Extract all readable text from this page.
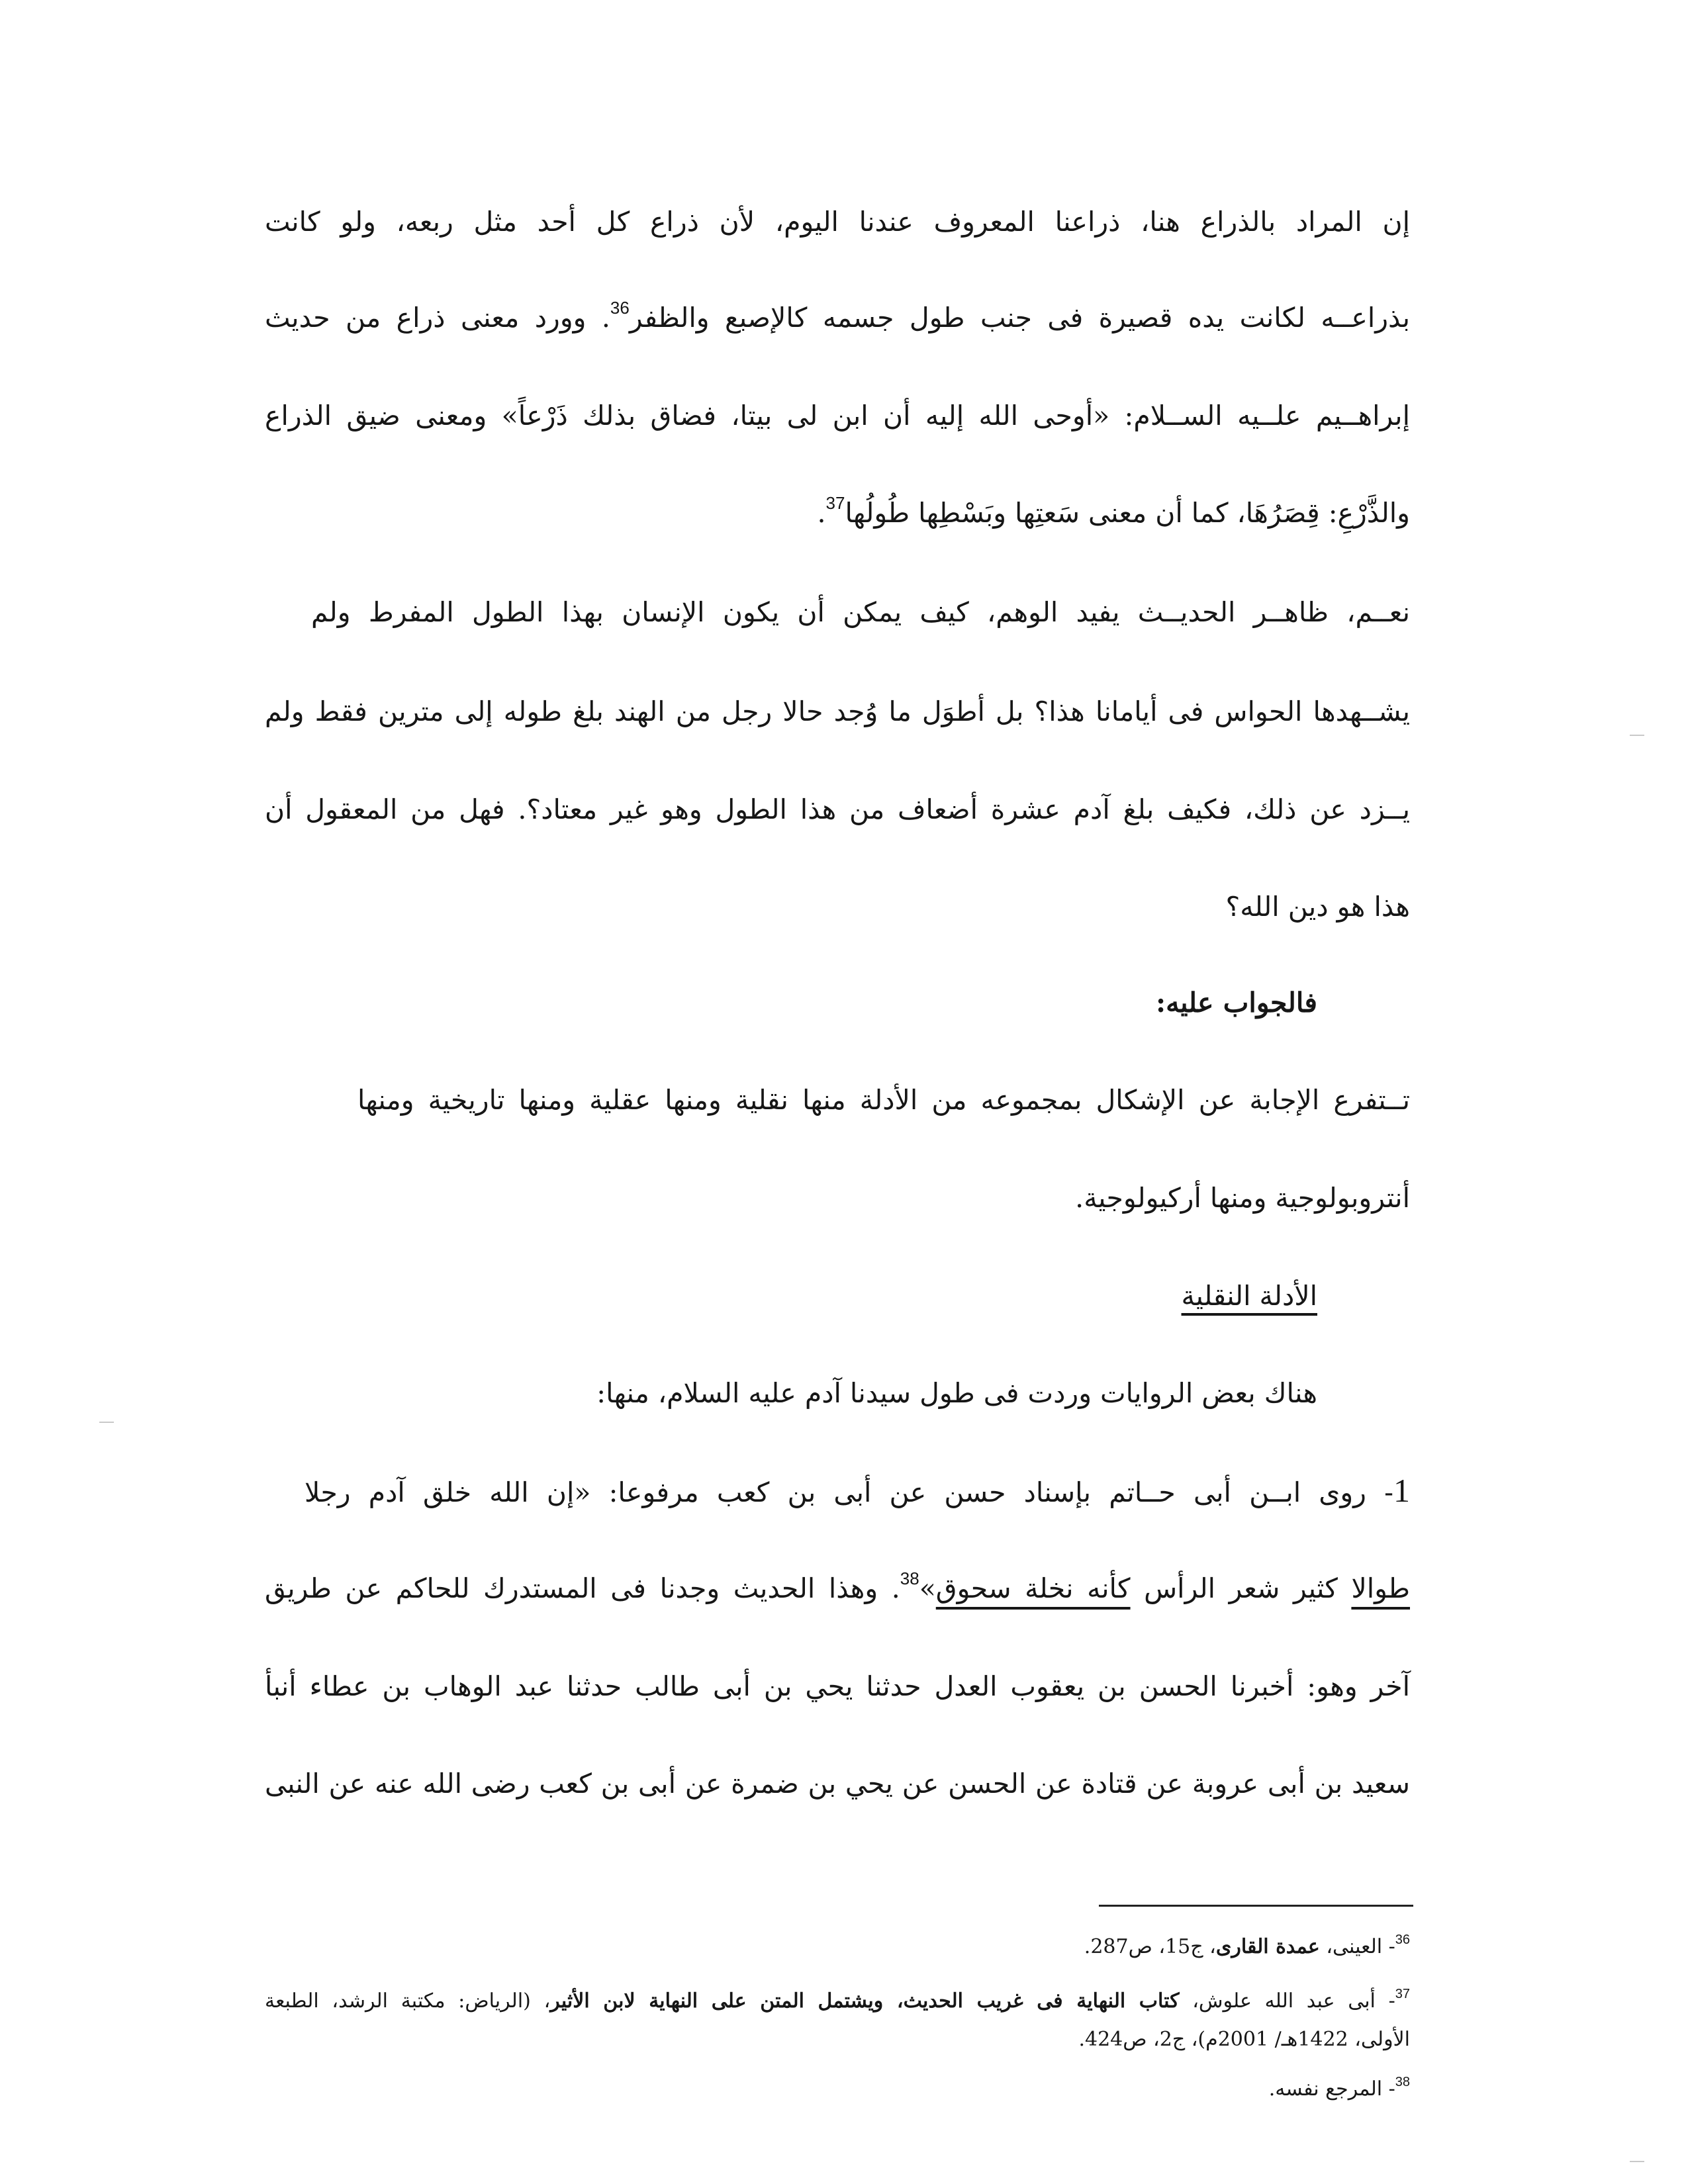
إن المراد بالذراع هنا، ذراعنا المعروف عندنا اليوم، لأن ذراع كل أحد مثل ربعه، ولو كانت
بذراعــه لكانت يده قصيرة فى جنب طول جسمه كالإصبع والظفر$^{36}$. وورد معنى ذراع من حديث
إبراهــيم علــيه الســلام: «أوحى الله إليه أن ابن لى بيتا، فضاق بذلك ذَرْعاً» ومعنى ضيق الذراع
والذَّرْعِ: قِصَرُهَا، كما أن معنى سَعتِها وبَسْطِها طُولُها$^{37}$.
نعــم، ظاهــر الحديــث يفيد الوهم، كيف يمكن أن يكون الإنسان بهذا الطول المفرط ولم
يشــهدها الحواس فى أيامانا هذا؟ بل أطوَل ما وُجد حالا رجل من الهند بلغ طوله إلى مترين فقط ولم
يــزد عن ذلك، فكيف بلغ آدم عشرة أضعاف من هذا الطول وهو غير معتاد؟. فهل من المعقول أن
هذا هو دين الله؟
فالجواب عليه:
تــتفرع الإجابة عن الإشكال بمجموعه من الأدلة منها نقلية ومنها عقلية ومنها تاريخية ومنها
أنتروبولوجية ومنها أركيولوجية.
الأدلة النقلية
هناك بعض الروايات وردت فى طول سيدنا آدم عليه السلام، منها:
1- روى ابــن أبى حــاتم بإسناد حسن عن أبى بن كعب مرفوعا: «إن الله خلق آدم رجلا
طوالا كثير شعر الرأس كأنه نخلة سحوق»$^{38}$. وهذا الحديث وجدنا فى المستدرك للحاكم عن طريق
آخر وهو: أخبرنا الحسن بن يعقوب العدل حدثنا يحي بن أبى طالب حدثنا عبد الوهاب بن عطاء أنبأ
سعيد بن أبى عروبة عن قتادة عن الحسن عن يحي بن ضمرة عن أبى بن كعب رضى الله عنه عن النبى
$^{36}$- العينى، عمدة القارى، ج15، ص287.
$^{37}$- أبى عبد الله علوش، كتاب النهاية فى غريب الحديث، ويشتمل المتن على النهاية لابن الأثير، (الرياض: مكتبة الرشد، الطبعة
الأولى، 1422هـ/ 2001م)، ج2، ص424.
$^{38}$- المرجع نفسه.
